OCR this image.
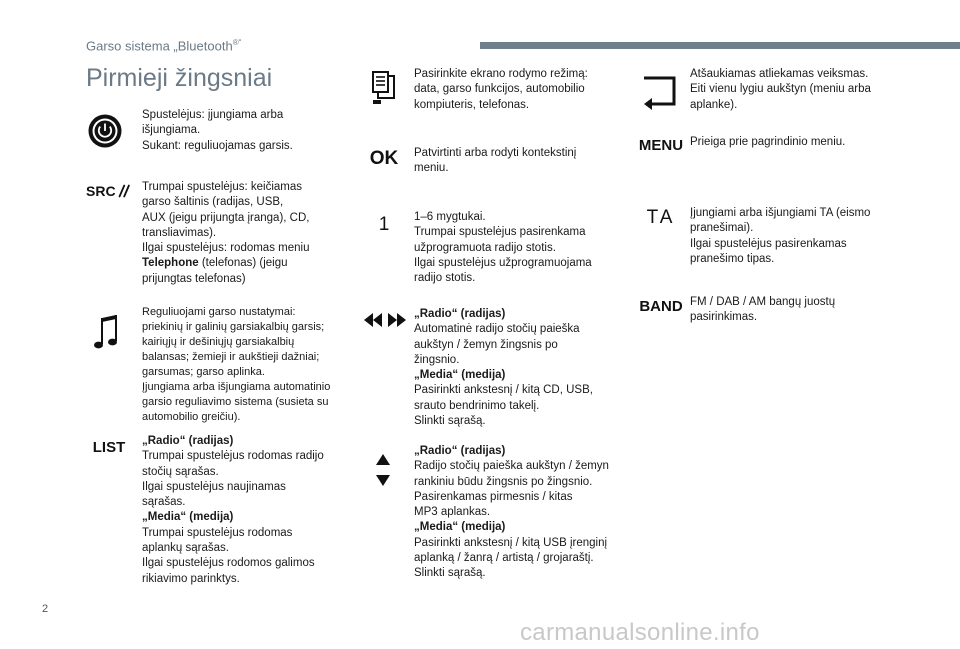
Garso sistema „Bluetooth®“
Pirmieji žingsniai
Spustelėjus: įjungiama arba
išjungiama.
Sukant: reguliuojamas garsis.
SRC Trumpai spustelėjus: keičiamas
garso šaltinis (radijas, USB,
AUX (jeigu prijungta įranga), CD,
transliavimas).
Ilgai spustelėjus: rodomas meniu
Telephone (telefonas) (jeigu
prijungtas telefonas)
Reguliuojami garso nustatymai:
priekinių ir galinių garsiakalbių garsis;
kairiųjų ir dešiniųjų garsiakalbių
balansas; žemieji ir aukštieji dažniai;
garsumas; garso aplinka.
Įjungiama arba išjungiama automatinio
garsio reguliavimo sistema (susieta su
automobilio greičiu).
LIST „Radio“ (radijas)
Trumpai spustelėjus rodomas radijo
stočių sąrašas.
Ilgai spustelėjus naujinamas
sąrašas.
„Media“ (medija)
Trumpai spustelėjus rodomas
aplankų sąrašas.
Ilgai spustelėjus rodomos galimos
rikiavimo parinktys.
Pasirinkite ekrano rodymo režimą:
data, garso funkcijos, automobilio
kompiuteris, telefonas.
OK Patvirtinti arba rodyti kontekstinį
meniu.
1 1–6 mygtukai.
Trumpai spustelėjus pasirenkama
užprogramuota radijo stotis.
Ilgai spustelėjus užprogramuojama
radijo stotis.
„Radio“ (radijas)
Automatinė radijo stočių paieška
aukštyn / žemyn žingsnis po
žingsnio.
„Media“ (medija)
Pasirinkti ankstesnį / kitą CD, USB,
srauto bendrinimo takelį.
Slinkti sąrašą.
„Radio“ (radijas)
Radijo stočių paieška aukštyn / žemyn
rankiniu būdu žingsnis po žingsnio.
Pasirenkamas pirmesnis / kitas
MP3 aplankas.
„Media“ (medija)
Pasirinkti ankstesnį / kitą USB įrenginį
aplanką / žanrą / artistą / grojaraštį.
Slinkti sąrašą.
Atšaukiamas atliekamas veiksmas.
Eiti vienu lygiu aukštyn (meniu arba
aplanke).
MENU Prieiga prie pagrindinio meniu.
TA Įjungiami arba išjungiami TA (eismo
pranešimai).
Ilgai spustelėjus pasirenkamas
pranešimo tipas.
BAND FM / DAB / AM bangų juostų
pasirinkimas.
2
carmanualsonline.info
